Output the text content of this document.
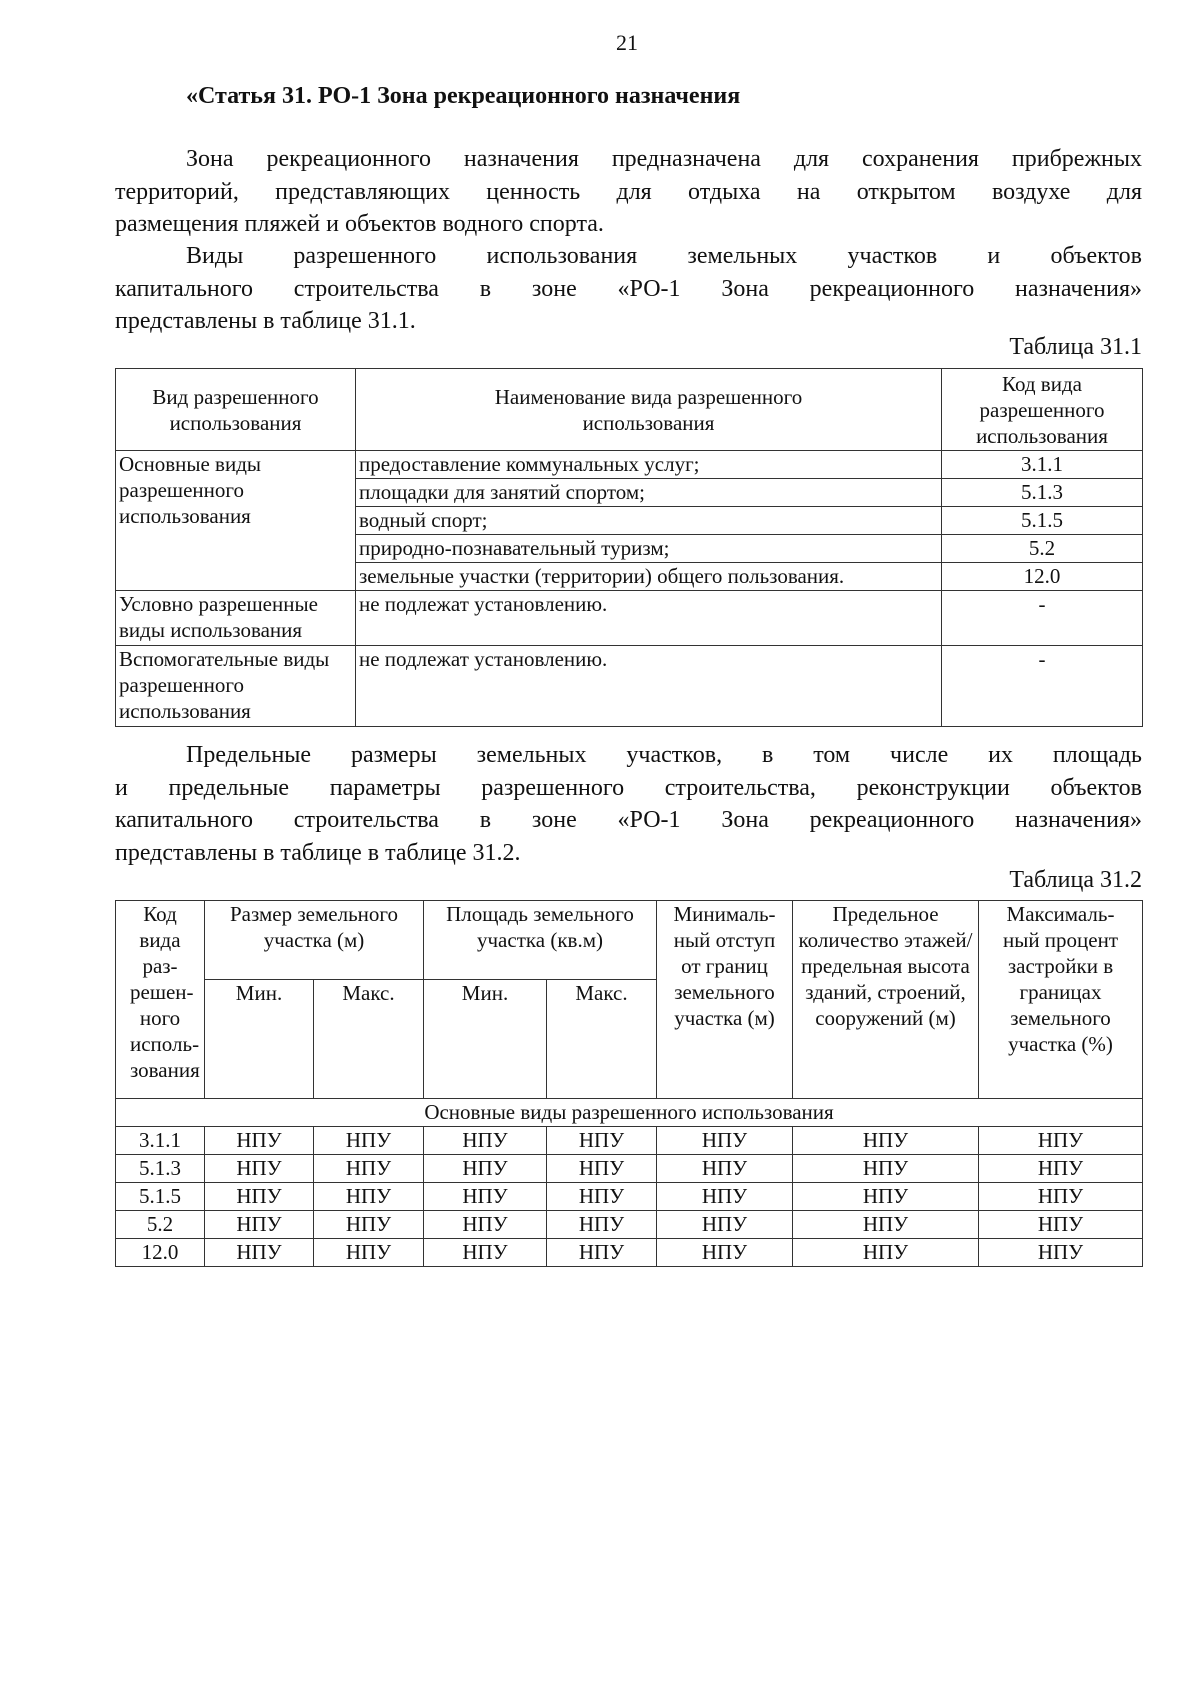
21
«Статья 31. РО-1 Зона рекреационного назначения
Зона рекреационного назначения предназначена для сохранения прибрежных
территорий, представляющих ценность для отдыха на открытом воздухе для
размещения пляжей и объектов водного спорта.
Виды разрешенного использования земельных участков и объектов
капитального строительства в зоне «РО-1 Зона рекреационного назначения»
представлены в таблице 31.1.
Таблица 31.1
Вид разрешенного использования	Наименование вида разрешенного использования	Код вида разрешенного использования
Основные виды разрешенного использования	предоставление коммунальных услуг;	3.1.1
	площадки для занятий спортом;	5.1.3
	водный спорт;	5.1.5
	природно-познавательный туризм;	5.2
	земельные участки (территории) общего пользования.	12.0
Условно разрешенные виды использования	не подлежат установлению.	-
Вспомогательные виды разрешенного использования	не подлежат установлению.	-
Предельные размеры земельных участков, в том числе их площадь
и предельные параметры разрешенного строительства, реконструкции объектов
капитального строительства в зоне «РО-1 Зона рекреационного назначения»
представлены в таблице в таблице 31.2.
Таблица 31.2
Код вида раз- решен- ного исполь- зования	Размер земельного участка (м)		Площадь земельного участка (кв.м)		Минималь- ный отступ от границ земельного участка (м)	Предельное количество этажей/ предельная высота зданий, строений, сооружений (м)	Максималь- ный процент застройки в границах земельного участка (%)
	Мин.	Макс.	Мин.	Макс.			
Основные виды разрешенного использования							
3.1.1	НПУ	НПУ	НПУ	НПУ	НПУ	НПУ	НПУ
5.1.3	НПУ	НПУ	НПУ	НПУ	НПУ	НПУ	НПУ
5.1.5	НПУ	НПУ	НПУ	НПУ	НПУ	НПУ	НПУ
5.2	НПУ	НПУ	НПУ	НПУ	НПУ	НПУ	НПУ
12.0	НПУ	НПУ	НПУ	НПУ	НПУ	НПУ	НПУ
